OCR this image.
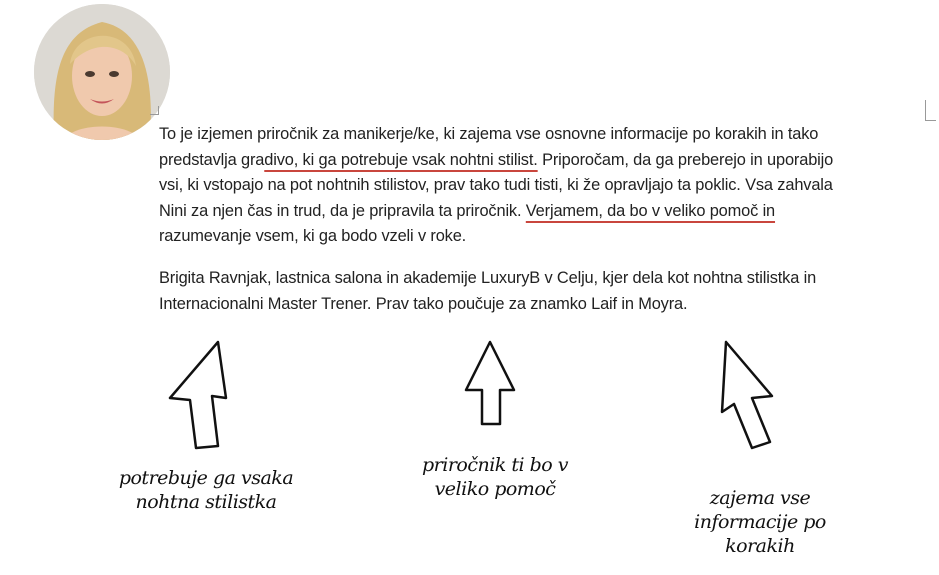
To je izjemen priročnik za manikerje/ke, ki zajema vse osnovne informacije po korakih in tako
predstavlja gradivo, ki ga potrebuje vsak nohtni stilist. Priporočam, da ga preberejo in uporabijo
vsi, ki vstopajo na pot nohtnih stilistov, prav tako tudi tisti, ki že opravljajo ta poklic. Vsa zahvala
Nini za njen čas in trud, da je pripravila ta priročnik. Verjamem, da bo v veliko pomoč in
razumevanje vsem, ki ga bodo vzeli v roke.
Brigita Ravnjak, lastnica salona in akademije LuxuryB v Celju, kjer dela kot nohtna stilistka in
Internacionalni Master Trener. Prav tako poučuje za znamko Laif in Moyra.
potrebuje ga vsaka
nohtna stilistka
priročnik ti bo v
veliko pomoč	zajema vse
informacije po
korakih
